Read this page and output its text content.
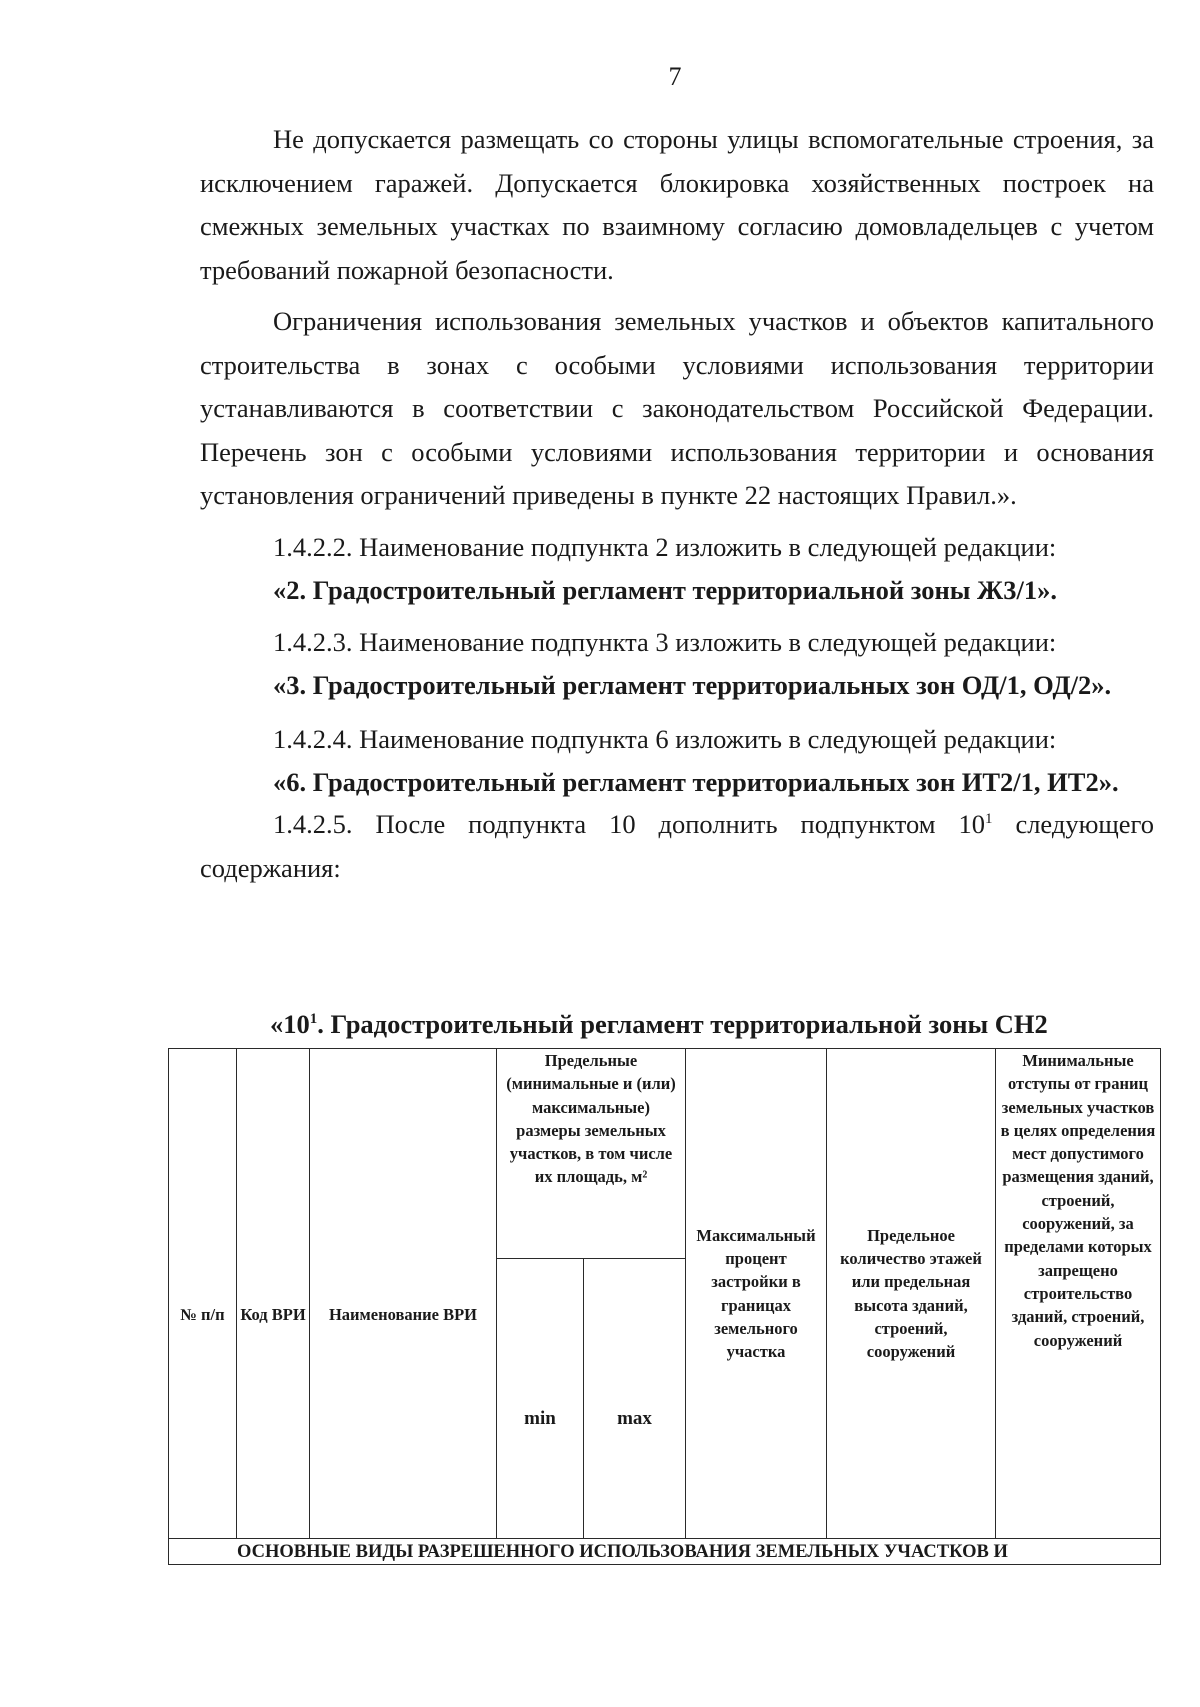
7

Не допускается размещать со стороны улицы вспомогательные строения, за исключением гаражей. Допускается блокировка хозяйственных построек на смежных земельных участках по взаимному согласию домовладельцев с учетом требований пожарной безопасности.

Ограничения использования земельных участков и объектов капитального строительства в зонах с особыми условиями использования территории устанавливаются в соответствии с законодательством Российской Федерации. Перечень зон с особыми условиями использования территории и основания установления ограничений приведены в пункте 22 настоящих Правил.».

1.4.2.2. Наименование подпункта 2 изложить в следующей редакции:

«2. Градостроительный регламент территориальной зоны Ж3/1».

1.4.2.3. Наименование подпункта 3 изложить в следующей редакции:

«3. Градостроительный регламент территориальных зон ОД/1, ОД/2».

1.4.2.4. Наименование подпункта 6 изложить в следующей редакции:

«6. Градостроительный регламент территориальных зон ИТ2/1, ИТ2».

1.4.2.5. После подпункта 10 дополнить подпунктом $10^1$ следующего содержания:

«$10^1$. Градостроительный регламент территориальной зоны СН2
№ п/п	Код ВРИ	Наименование ВРИ	Предельные (минимальные и (или) максимальные) размеры земельных участков, в том числе их площадь, м²		Максимальный процент застройки в границах земельного участка	Предельное количество этажей или предельная высота зданий, строений, сооружений	Минимальные отступы от границ земельных участков в целях определения мест допустимого размещения зданий, строений, сооружений, за пределами которых запрещено строительство зданий, строений, сооружений
			min	max			
ОСНОВНЫЕ ВИДЫ РАЗРЕШЕННОГО ИСПОЛЬЗОВАНИЯ ЗЕМЕЛЬНЫХ УЧАСТКОВ И							
